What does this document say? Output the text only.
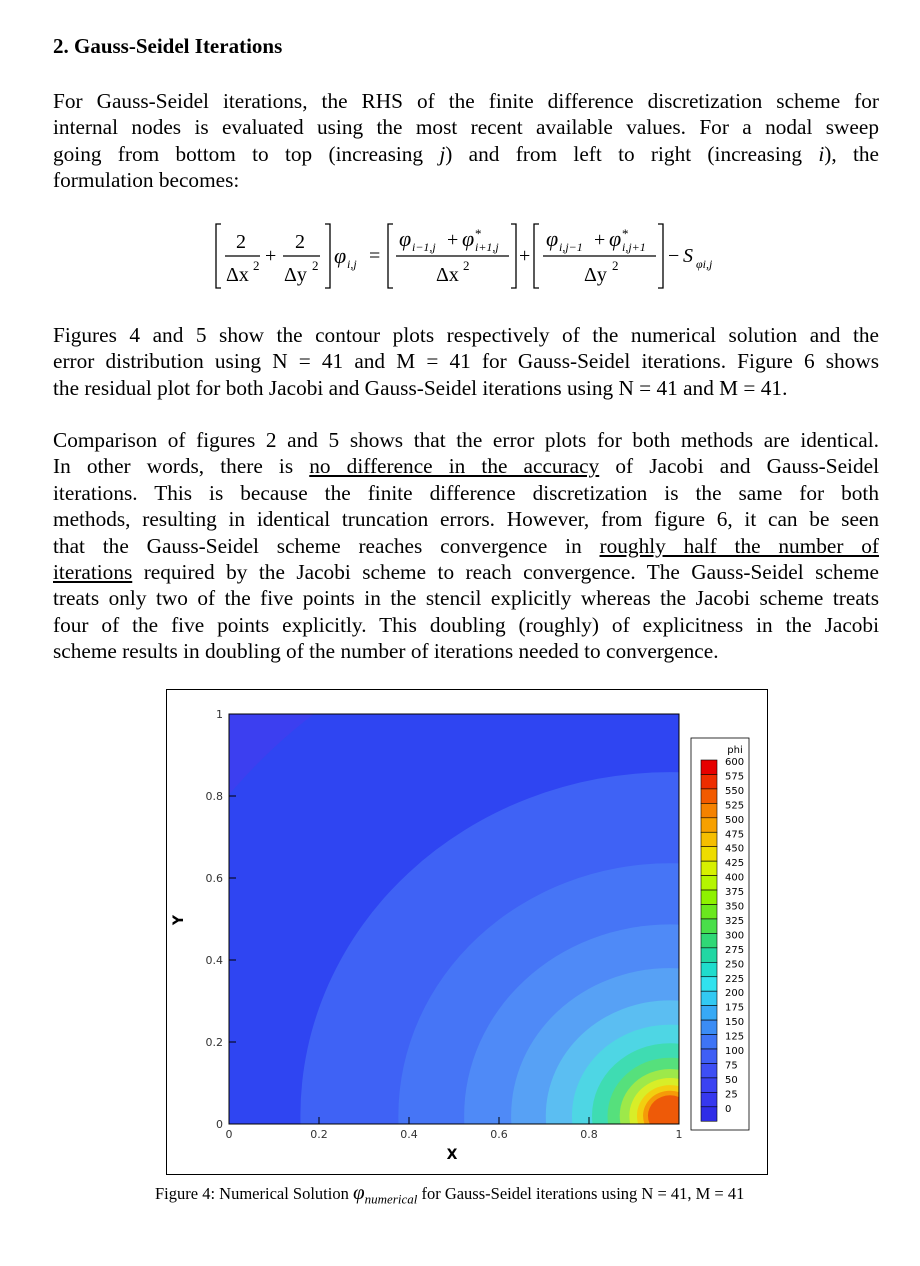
2. Gauss-Seidel Iterations
For Gauss-Seidel iterations, the RHS of the finite difference discretization scheme for
internal nodes is evaluated using the most recent available values. For a nodal sweep
going from bottom to top (increasing j) and from left to right (increasing i), the
formulation becomes:
2
Δx 2 +
2
Δy 2 φ i,j =
φ i−1,j + φ *
i+1,j
Δx 2 +
φ i,j−1 + φ *
i,j+1
Δy 2 − S φi,j
Figures 4 and 5 show the contour plots respectively of the numerical solution and the
error distribution using N = 41 and M = 41 for Gauss-Seidel iterations. Figure 6 shows
the residual plot for both Jacobi and Gauss-Seidel iterations using N = 41 and M = 41.
Comparison of figures 2 and 5 shows that the error plots for both methods are identical.
In other words, there is no difference in the accuracy of Jacobi and Gauss-Seidel
iterations. This is because the finite difference discretization is the same for both
methods, resulting in identical truncation errors. However, from figure 6, it can be seen
that the Gauss-Seidel scheme reaches convergence in roughly half the number of
iterations required by the Jacobi scheme to reach convergence. The Gauss-Seidel scheme
treats only two of the five points in the stencil explicitly whereas the Jacobi scheme treats
four of the five points explicitly. This doubling (roughly) of explicitness in the Jacobi
scheme results in doubling of the number of iterations needed to convergence.
0	0.2	0.4	0.6	0.8	1
0
0.2
0.4
0.6
0.8
1
X
Y
phi
600
575
550
525
500
475
450
425
400
375
350
325
300
275
250
225
200
175
150
125
100
75
50
25
0
Figure 4: Numerical Solution $\varphi_{numerical}$ for Gauss-Seidel iterations using N = 41, M = 41
